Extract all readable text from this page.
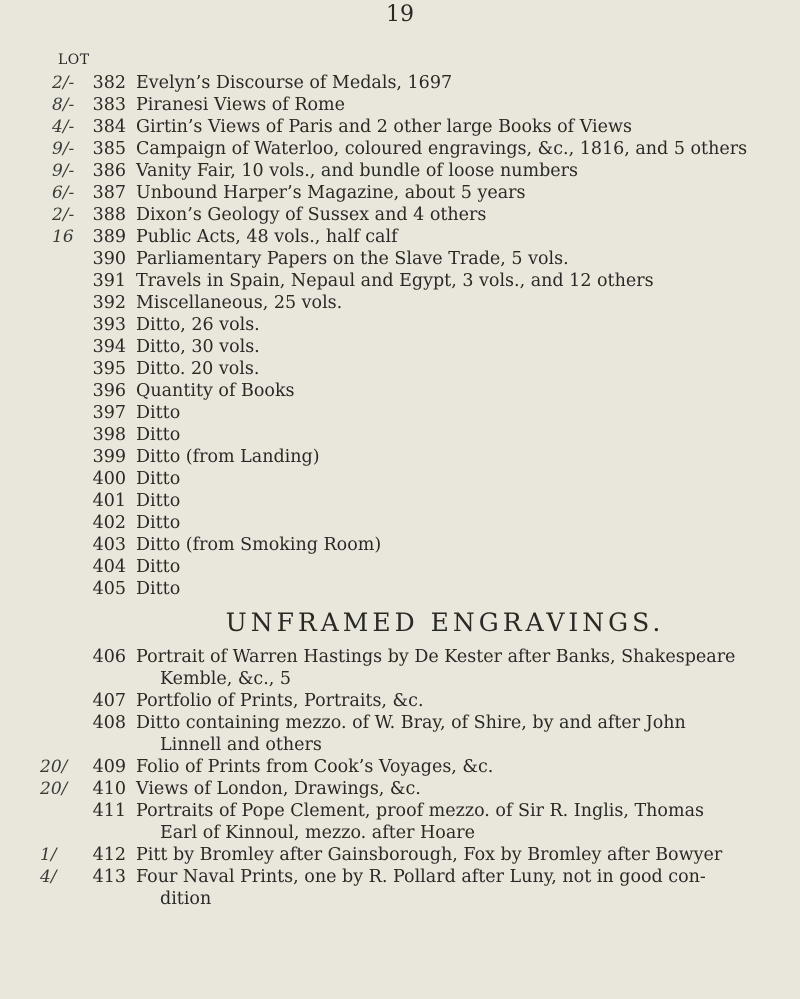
19
LOT
2/-	382 Evelyn’s Discourse of Medals, 1697
8/-	383 Piranesi Views of Rome
4/-	384 Girtin’s Views of Paris and 2 other large Books of Views
9/-	385 Campaign of Waterloo, coloured engravings, &c., 1816, and 5 others
9/-	386 Vanity Fair, 10 vols., and bundle of loose numbers
6/-	387 Unbound Harper’s Magazine, about 5 years
2/-	388 Dixon’s Geology of Sussex and 4 others
16	389 Public Acts, 48 vols., half calf
390 Parliamentary Papers on the Slave Trade, 5 vols.
391 Travels in Spain, Nepaul and Egypt, 3 vols., and 12 others
392 Miscellaneous, 25 vols.
393 Ditto, 26 vols.
394 Ditto, 30 vols.
395 Ditto. 20 vols.
396 Quantity of Books
397 Ditto
398 Ditto
399 Ditto (from Landing)
400 Ditto
401 Ditto
402 Ditto
403 Ditto (from Smoking Room)
404 Ditto
405 Ditto
UNFRAMED ENGRAVINGS.
406 Portrait of Warren Hastings by De Kester after Banks, Shakespeare
Kemble, &c., 5
407 Portfolio of Prints, Portraits, &c.
408 Ditto containing mezzo. of W. Bray, of Shire, by and after John
Linnell and others
20/	409 Folio of Prints from Cook’s Voyages, &c.
20/	410 Views of London, Drawings, &c.
411 Portraits of Pope Clement, proof mezzo. of Sir R. Inglis, Thomas
Earl of Kinnoul, mezzo. after Hoare
1/	412 Pitt by Bromley after Gainsborough, Fox by Bromley after Bowyer
4/	413 Four Naval Prints, one by R. Pollard after Luny, not in good con-
dition
